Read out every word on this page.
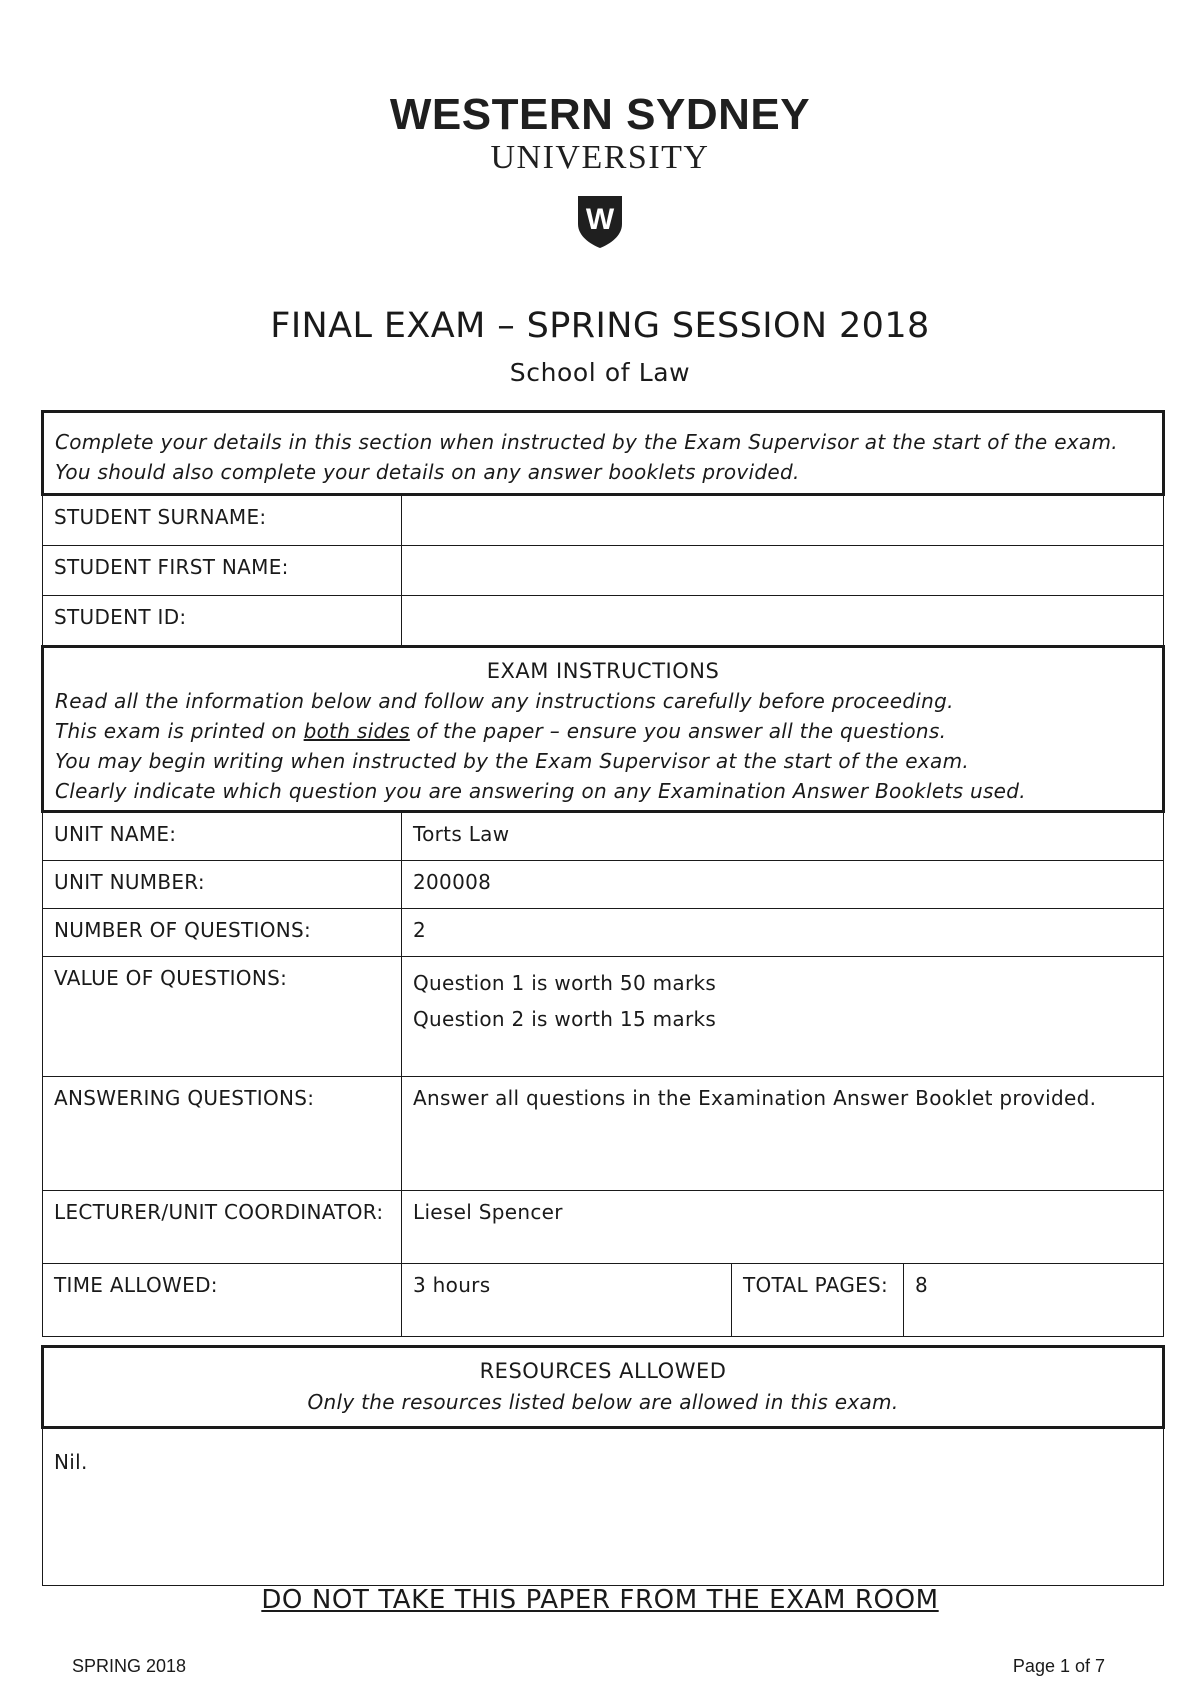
WESTERN SYDNEY
UNIVERSITY
W
FINAL EXAM – SPRING SESSION 2018
School of Law
Complete your details in this section when instructed by the Exam Supervisor at the start of the exam.
You should also complete your details on any answer booklets provided.	

STUDENT SURNAME:	
STUDENT FIRST NAME:	
STUDENT ID:	
EXAM INSTRUCTIONS
Read all the information below and follow any instructions carefully before proceeding.
This exam is printed on both sides of the paper – ensure you answer all the questions.
You may begin writing when instructed by the Exam Supervisor at the start of the exam.
Clearly indicate which question you are answering on any Examination Answer Booklets used.			

UNIT NAME:	Torts Law		
UNIT NUMBER:	200008		
NUMBER OF QUESTIONS:	2		
VALUE OF QUESTIONS:	Question 1 is worth 50 marks
Question 2 is worth 15 marks		

ANSWERING QUESTIONS:	Answer all questions in the Examination Answer Booklet provided.		
LECTURER/UNIT COORDINATOR:	Liesel Spencer		
TIME ALLOWED:	3 hours	TOTAL PAGES:	8
RESOURCES ALLOWED
Only the resources listed below are allowed in this exam.

Nil.
DO NOT TAKE THIS PAPER FROM THE EXAM ROOM
SPRING 2018	Page 1 of 7
